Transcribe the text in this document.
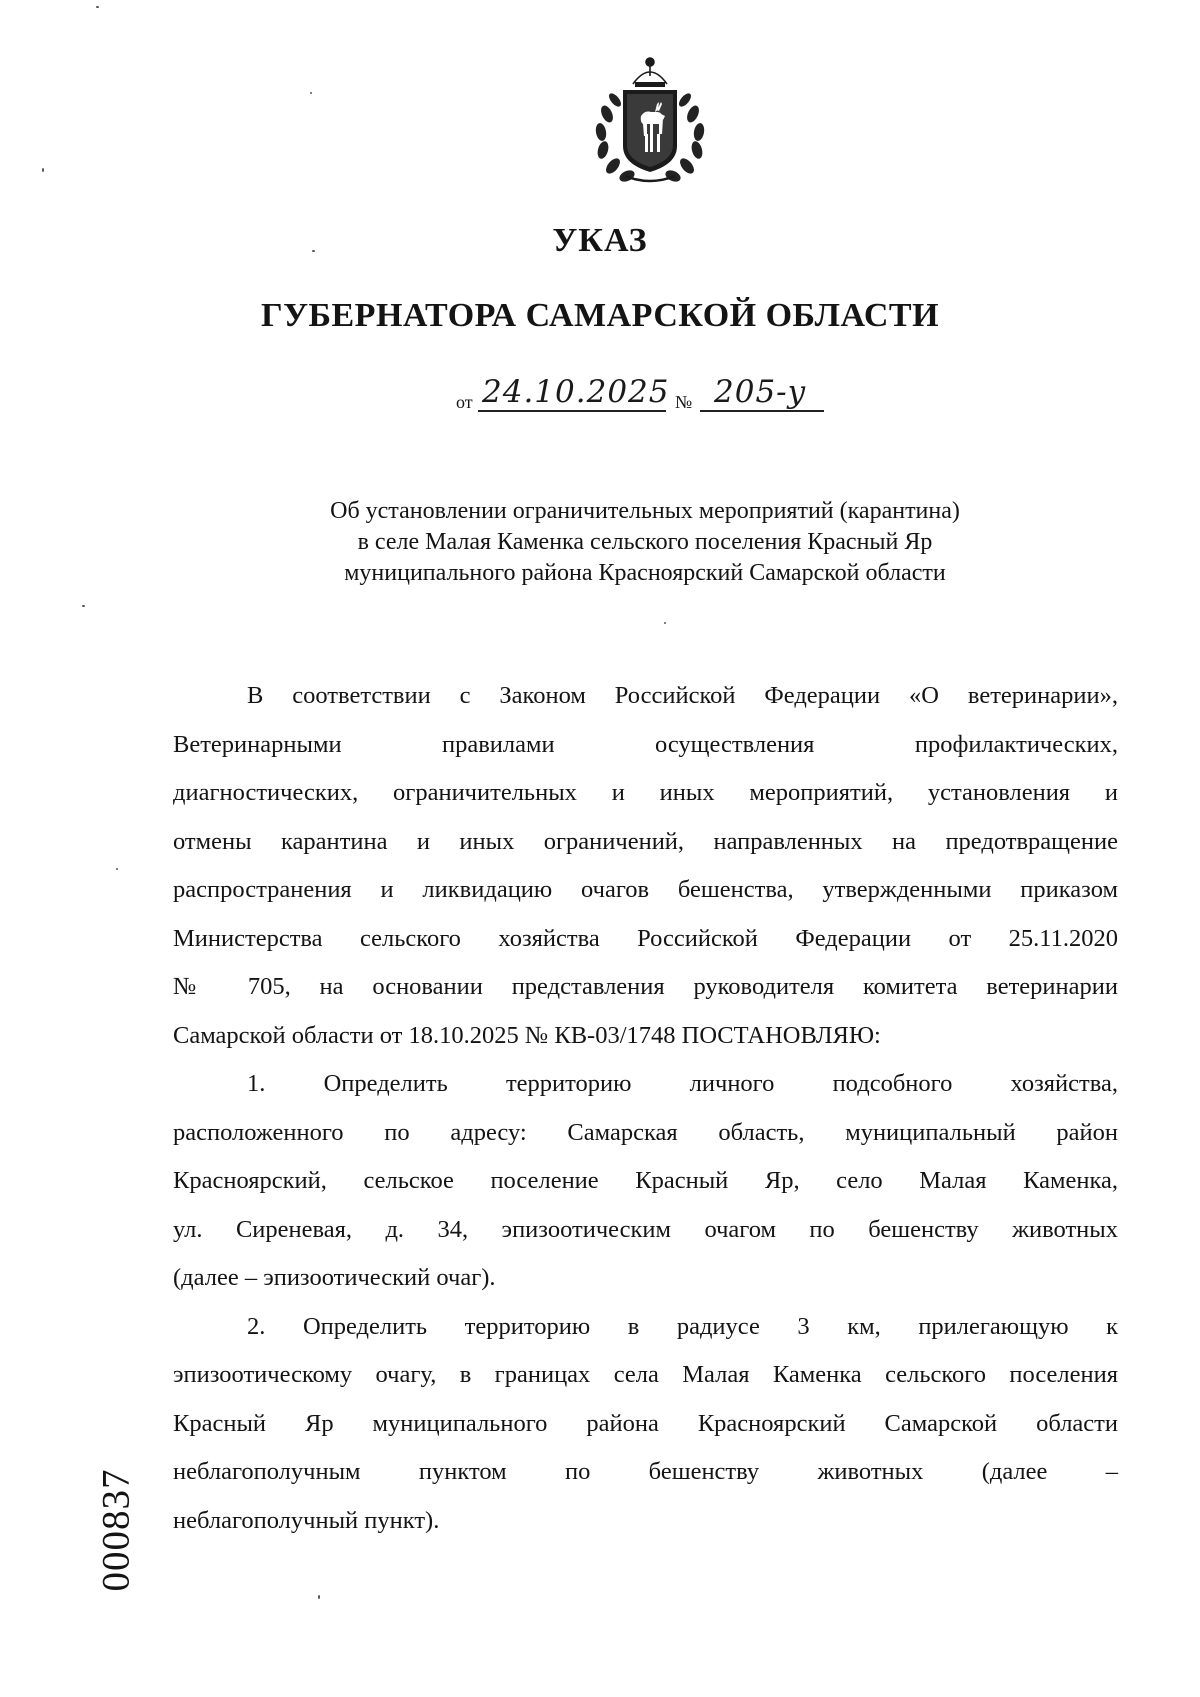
УКАЗ
ГУБЕРНАТОРА САМАРСКОЙ ОБЛАСТИ
от 24.10.2025 № 205-у
Об установлении ограничительных мероприятий (карантина)
в селе Малая Каменка сельского поселения Красный Яр
муниципального района Красноярский Самарской области

В соответствии с Законом Российской Федерации «О ветеринарии»,

Ветеринарными правилами осуществления профилактических,

диагностических, ограничительных и иных мероприятий, установления и

отмены карантина и иных ограничений, направленных на предотвращение

распространения и ликвидацию очагов бешенства, утвержденными приказом

Министерства сельского хозяйства Российской Федерации от 25.11.2020

№ 705, на основании представления руководителя комитета ветеринарии

Самарской области от 18.10.2025 № КВ-03/1748 ПОСТАНОВЛЯЮ:

1. Определить территорию личного подсобного хозяйства,

расположенного по адресу: Самарская область, муниципальный район

Красноярский, сельское поселение Красный Яр, село Малая Каменка,

ул. Сиреневая, д. 34, эпизоотическим очагом по бешенству животных

(далее – эпизоотический очаг).

2. Определить территорию в радиусе 3 км, прилегающую к

эпизоотическому очагу, в границах села Малая Каменка сельского поселения

Красный Яр муниципального района Красноярский Самарской области

неблагополучным пунктом по бешенству животных (далее –

неблагополучный пункт).

000837
